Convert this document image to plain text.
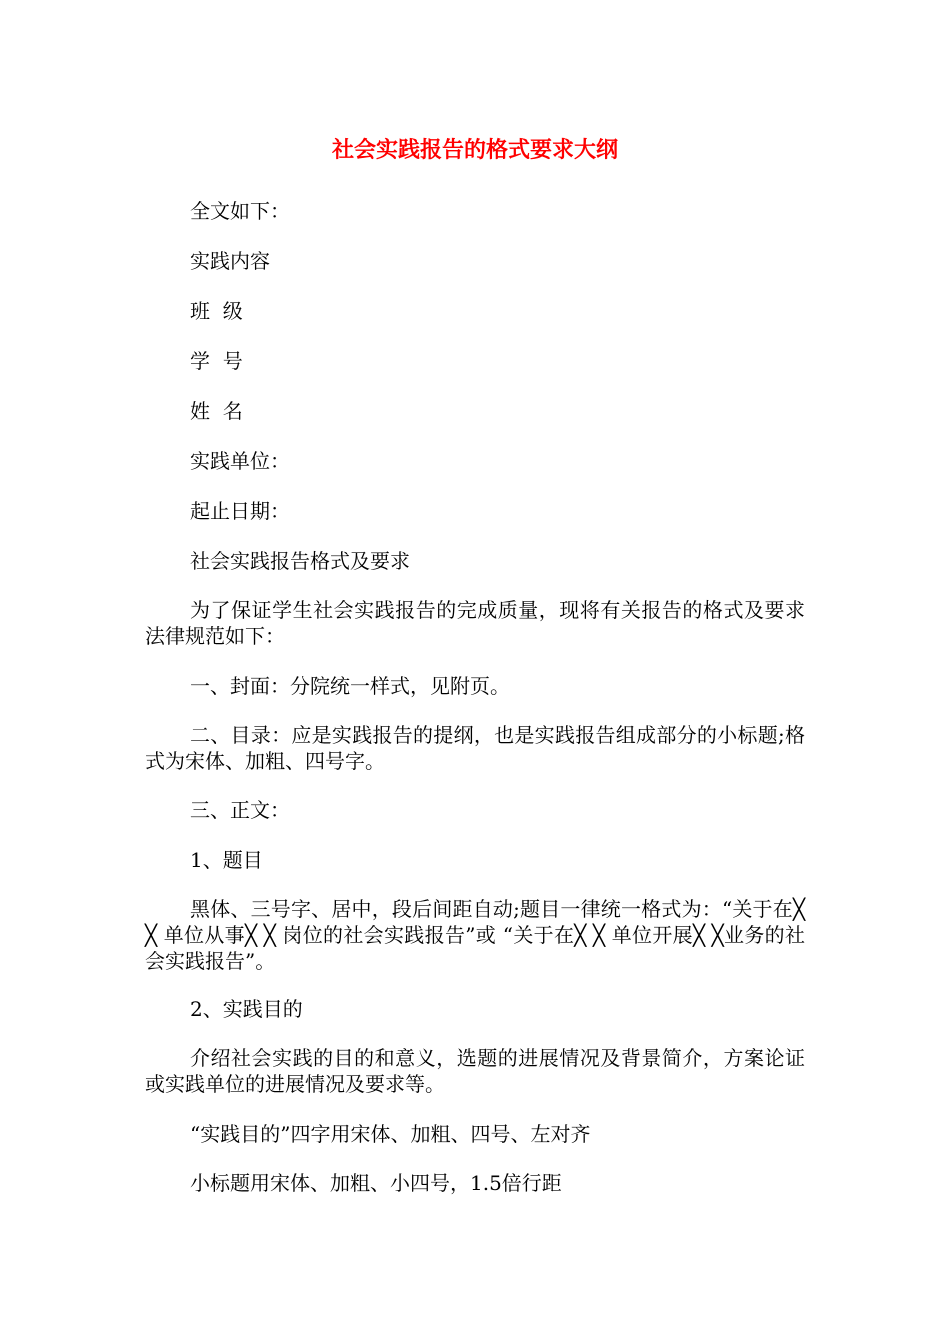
社会实践报告的格式要求大纲
全文如下：
实践内容
班  级
学  号
姓  名
实践单位：
起止日期：
社会实践报告格式及要求
为了保证学生社会实践报告的完成质量，现将有关报告的格式及要求法律规范如下：
一、封面：分院统一样式，见附页。
二、目录：应是实践报告的提纲，也是实践报告组成部分的小标题;格式为宋体、加粗、四号字。
三、正文：
1、题目
黑体、三号字、居中，段后间距自动;题目一律统一格式为：“关于在╳ ╳ 单位从事╳ ╳ 岗位的社会实践报告”或 “关于在╳ ╳ 单位开展╳ ╳业务的社会实践报告”。
2、实践目的
介绍社会实践的目的和意义，选题的进展情况及背景简介，方案论证或实践单位的进展情况及要求等。
“实践目的”四字用宋体、加粗、四号、左对齐
小标题用宋体、加粗、小四号，1.5倍行距
